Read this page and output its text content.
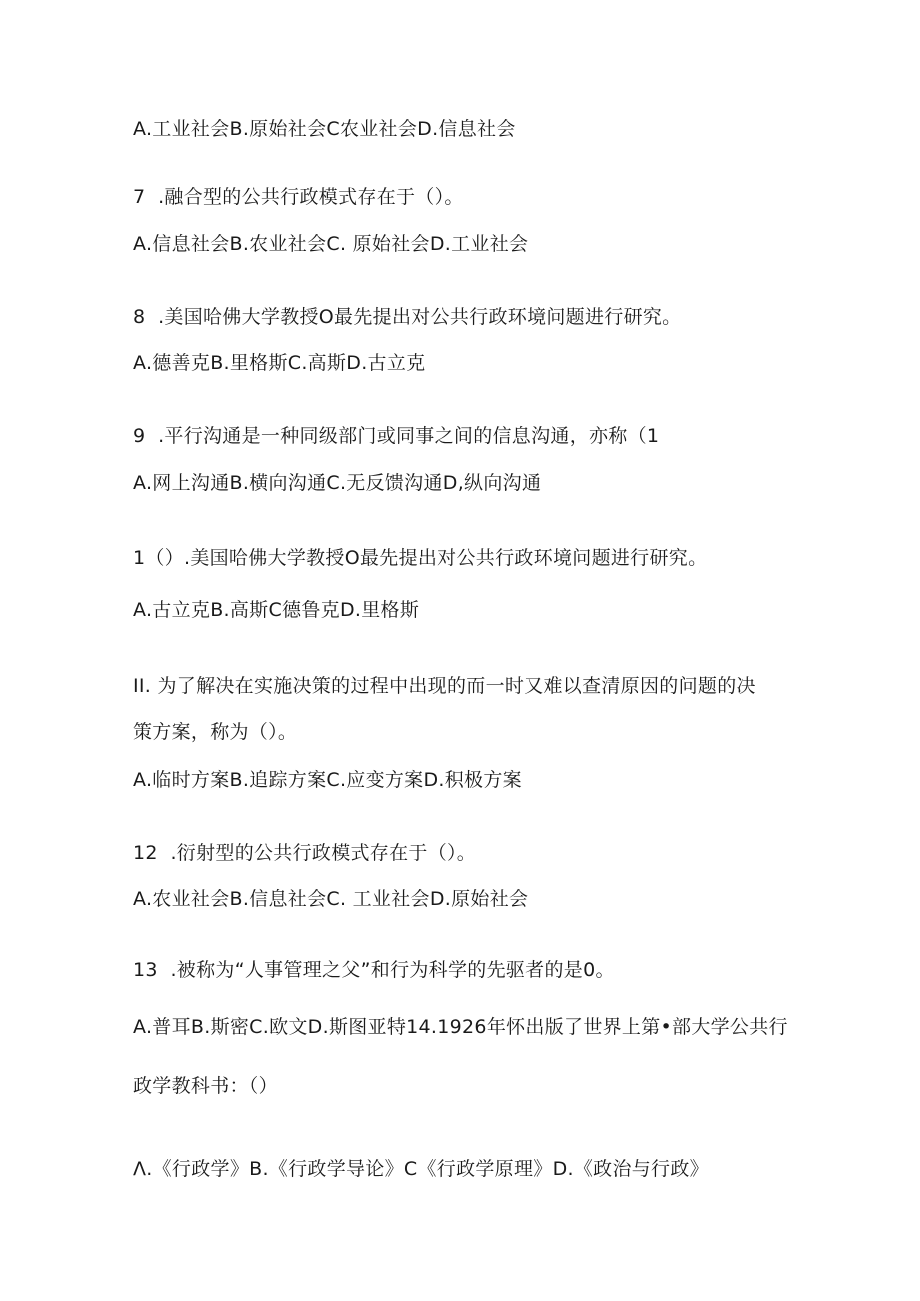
A.工业社会B.原始社会C农业社会D.信息社会
7  .融合型的公共行政模式存在于（）。
A.信息社会B.农业社会C. 原始社会D.工业社会
8  .美国哈佛大学教授O最先提出对公共行政环境问题进行研究。
A.德善克B.里格斯C.高斯D.古立克
9  .平行沟通是一种同级部门或同事之间的信息沟通，亦称（1
A.网上沟通B.横向沟通C.无反馈沟通D,纵向沟通
1（）.美国哈佛大学教授O最先提出对公共行政环境问题进行研究。
A.古立克B.高斯C德鲁克D.里格斯
II. 为了解决在实施决策的过程中出现的而一时又难以查清原因的问题的决
策方案，称为（）。
A.临时方案B.追踪方案C.应变方案D.积极方案
12  .衍射型的公共行政模式存在于（）。
A.农业社会B.信息社会C. 工业社会D.原始社会
13  .被称为“人事管理之父”和行为科学的先驱者的是0。
A.普耳B.斯密C.欧文D.斯图亚特14.1926年怀出版了世界上第•部大学公共行
政学教科书：（）
Λ.《行政学》B.《行政学导论》C《行政学原理》D.《政治与行政》
